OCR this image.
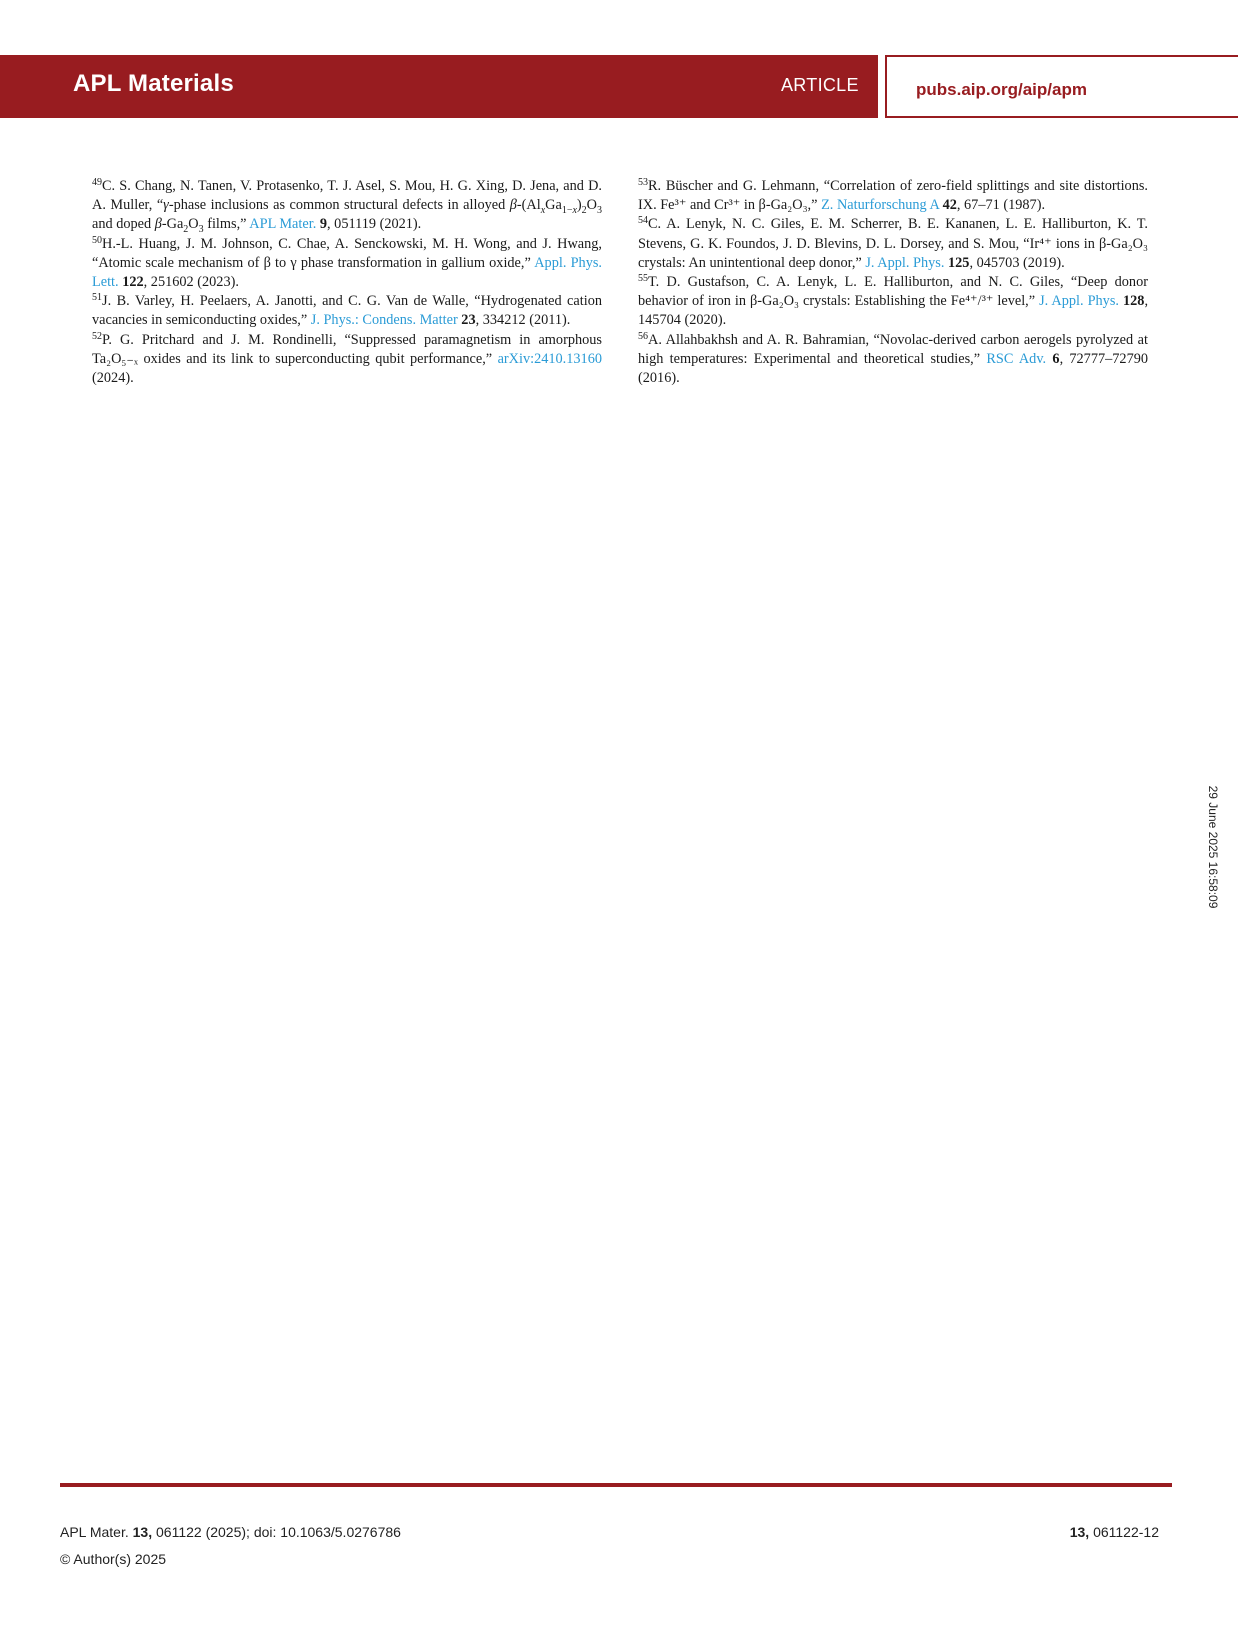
APL Materials	ARTICLE	pubs.aip.org/aip/apm

$^{49}$C. S. Chang, N. Tanen, V. Protasenko, T. J. Asel, S. Mou, H. G. Xing, D. Jena, and D. A. Muller, “γ-phase inclusions as common structural defects in alloyed $\beta-(Al_xGa_{1-x})_2O_3$ and doped $\beta-Ga_2O_3$ films,” APL Mater. 9, 051119 (2021).

$^{50}$H.-L. Huang, J. M. Johnson, C. Chae, A. Senckowski, M. H. Wong, and J. Hwang, “Atomic scale mechanism of β to γ phase transformation in gallium oxide,” Appl. Phys. Lett. 122, 251602 (2023).

$^{51}$J. B. Varley, H. Peelaers, A. Janotti, and C. G. Van de Walle, “Hydrogenated cation vacancies in semiconducting oxides,” J. Phys.: Condens. Matter 23, 334212 (2011).

$^{52}$P. G. Pritchard and J. M. Rondinelli, “Suppressed paramagnetism in amorphous Ta₂O₅₋ₓ oxides and its link to superconducting qubit performance,” arXiv:2410.13160 (2024).

$^{53}$R. Büscher and G. Lehmann, “Correlation of zero-field splittings and site distortions. IX. Fe³⁺ and Cr³⁺ in β-Ga₂O₃,” Z. Naturforschung A 42, 67–71 (1987).

$^{54}$C. A. Lenyk, N. C. Giles, E. M. Scherrer, B. E. Kananen, L. E. Halliburton, K. T. Stevens, G. K. Foundos, J. D. Blevins, D. L. Dorsey, and S. Mou, “Ir⁴⁺ ions in β-Ga₂O₃ crystals: An unintentional deep donor,” J. Appl. Phys. 125, 045703 (2019).

$^{55}$T. D. Gustafson, C. A. Lenyk, L. E. Halliburton, and N. C. Giles, “Deep donor behavior of iron in β-Ga₂O₃ crystals: Establishing the Fe⁴⁺/³⁺ level,” J. Appl. Phys. 128, 145704 (2020).

$^{56}$A. Allahbakhsh and A. R. Bahramian, “Novolac-derived carbon aerogels pyrolyzed at high temperatures: Experimental and theoretical studies,” RSC Adv. 6, 72777–72790 (2016).

29 June 2025 16:58:09
APL Mater. 13, 061122 (2025); doi: 10.1063/5.0276786	13, 061122-12
© Author(s) 2025
